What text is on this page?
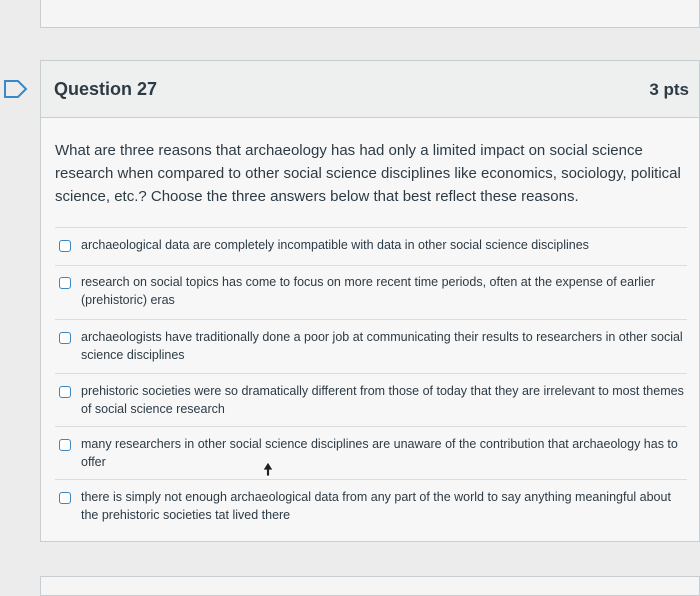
Question 27	3 pts
What are three reasons that archaeology has had only a limited impact on social science research when compared to other social science disciplines like economics, sociology, political science, etc.? Choose the three answers below that best reflect these reasons.
archaeological data are completely incompatible with data in other social science disciplines
research on social topics has come to focus on more recent time periods, often at the expense of earlier (prehistoric) eras
archaeologists have traditionally done a poor job at communicating their results to researchers in other social science disciplines
prehistoric societies were so dramatically different from those of today that they are irrelevant to most themes of social science research
many researchers in other social science disciplines are unaware of the contribution that archaeology has to offer
there is simply not enough archaeological data from any part of the world to say anything meaningful about the prehistoric societies tat lived there
